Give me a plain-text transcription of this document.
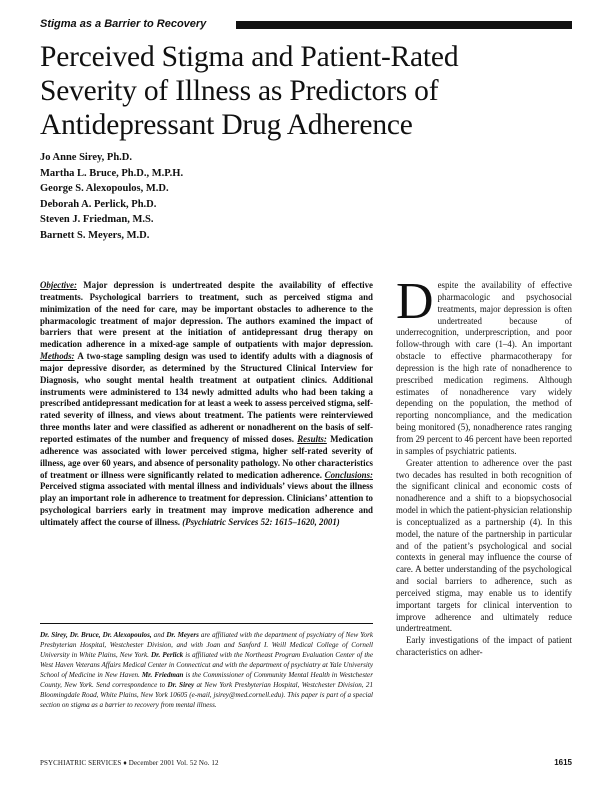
Stigma as a Barrier to Recovery
Perceived Stigma and Patient-Rated
Severity of Illness as Predictors of
Antidepressant Drug Adherence
Jo Anne Sirey, Ph.D.
Martha L. Bruce, Ph.D., M.P.H.
George S. Alexopoulos, M.D.
Deborah A. Perlick, Ph.D.
Steven J. Friedman, M.S.
Barnett S. Meyers, M.D.

Objective: Major depression is undertreated despite the availability of effective treatments. Psychological barriers to treatment, such as perceived stigma and minimization of the need for care, may be important obstacles to adherence to the pharmacologic treatment of major depression. The authors examined the impact of barriers that were present at the initiation of antidepressant drug therapy on medication adherence in a mixed-age sample of outpatients with major depression. Methods: A two-stage sampling design was used to identify adults with a diagnosis of major depressive disorder, as determined by the Structured Clinical Interview for Diagnosis, who sought mental health treatment at outpatient clinics. Additional instruments were administered to 134 newly admitted adults who had been taking a prescribed antidepressant medication for at least a week to assess perceived stigma, self-rated severity of illness, and views about treatment. The patients were reinterviewed three months later and were classified as adherent or nonadherent on the basis of self-reported estimates of the number and frequency of missed doses. Results: Medication adherence was associated with lower perceived stigma, higher self-rated severity of illness, age over 60 years, and absence of personality pathology. No other characteristics of treatment or illness were significantly related to medication adherence. Conclusions: Perceived stigma associated with mental illness and individuals’ views about the illness play an important role in adherence to treatment for depression. Clinicians’ attention to psychological barriers early in treatment may improve medication adherence and ultimately affect the course of illness. (Psychiatric Services 52: 1615–1620, 2001)

Dr. Sirey, Dr. Bruce, Dr. Alexopoulos, and Dr. Meyers are affiliated with the department of psychiatry of New York Presbyterian Hospital, Westchester Division, and with Joan and Sanford I. Weill Medical College of Cornell University in White Plains, New York. Dr. Perlick is affiliated with the Northeast Program Evaluation Center of the West Haven Veterans Affairs Medical Center in Connecticut and with the department of psychiatry at Yale University School of Medicine in New Haven. Mr. Friedman is the Commissioner of Community Mental Health in Westchester County, New York. Send correspondence to Dr. Sirey at New York Presbyterian Hospital, Westchester Division, 21 Bloomingdale Road, White Plains, New York 10605 (e-mail, jsirey@med.cornell.edu). This paper is part of a special section on stigma as a barrier to recovery from mental illness.

Despite the availability of effective pharmacologic and psychosocial treatments, major depression is often undertreated because of underrecognition, underprescription, and poor follow-through with care (1–4). An important obstacle to effective pharmacotherapy for depression is the high rate of nonadherence to prescribed medication regimens. Although estimates of nonadherence vary widely depending on the population, the method of reporting noncompliance, and the medication being monitored (5), nonadherence rates ranging from 29 percent to 46 percent have been reported in samples of psychiatric patients.

Greater attention to adherence over the past two decades has resulted in both recognition of the significant clinical and economic costs of nonadherence and a shift to a biopsychosocial model in which the patient-physician relationship is conceptualized as a partnership (4). In this model, the nature of the partnership in particular and of the patient’s psychological and social contexts in general may influence the course of care. A better understanding of the psychological and social barriers to adherence, such as perceived stigma, may enable us to identify important targets for clinical intervention to improve adherence and ultimately reduce undertreatment.

Early investigations of the impact of patient characteristics on adher-

PSYCHIATRIC SERVICES ♦ December 2001 Vol. 52 No. 12	1615
